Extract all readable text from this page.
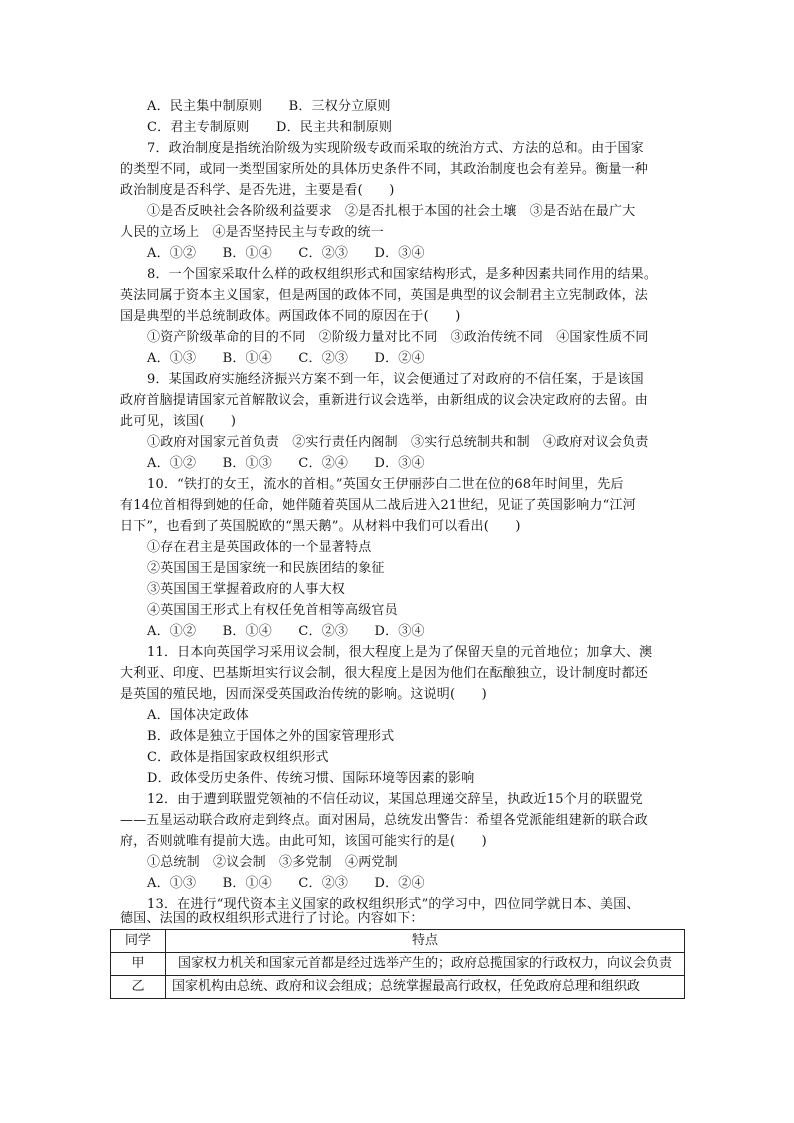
A．民主集中制原则　　B．三权分立原则
C．君主专制原则　　D．民主共和制原则
7．政治制度是指统治阶级为实现阶级专政而采取的统治方式、方法的总和。由于国家
的类型不同，或同一类型国家所处的具体历史条件不同，其政治制度也会有差异。衡量一种
政治制度是否科学、是否先进，主要是看(　　)
①是否反映社会各阶级利益要求　②是否扎根于本国的社会土壤　③是否站在最广大
人民的立场上　④是否坚持民主与专政的统一
A．①②　　B．①④　　C．②③　　D．③④
8．一个国家采取什么样的政权组织形式和国家结构形式，是多种因素共同作用的结果。
英法同属于资本主义国家，但是两国的政体不同，英国是典型的议会制君主立宪制政体，法
国是典型的半总统制政体。两国政体不同的原因在于(　　)
①资产阶级革命的目的不同　②阶级力量对比不同　③政治传统不同　④国家性质不同
A．①③　　B．①④　　C．②③　　D．②④
9．某国政府实施经济振兴方案不到一年，议会便通过了对政府的不信任案，于是该国
政府首脑提请国家元首解散议会，重新进行议会选举，由新组成的议会决定政府的去留。由
此可见，该国(　　)
①政府对国家元首负责　②实行责任内阁制　③实行总统制共和制　④政府对议会负责
A．①②　　B．①③　　C．②④　　D．③④
10．“铁打的女王，流水的首相。”英国女王伊丽莎白二世在位的68年时间里，先后
有14位首相得到她的任命，她伴随着英国从二战后进入21世纪，见证了英国影响力“江河
日下”，也看到了英国脱欧的“黑天鹅”。从材料中我们可以看出(　　)
①存在君主是英国政体的一个显著特点
②英国国王是国家统一和民族团结的象征
③英国国王掌握着政府的人事大权
④英国国王形式上有权任免首相等高级官员
A．①②　　B．①④　　C．②③　　D．③④
11．日本向英国学习采用议会制，很大程度上是为了保留天皇的元首地位；加拿大、澳
大利亚、印度、巴基斯坦实行议会制，很大程度上是因为他们在酝酿独立，设计制度时都还
是英国的殖民地，因而深受英国政治传统的影响。这说明(　　)
A．国体决定政体
B．政体是独立于国体之外的国家管理形式
C．政体是指国家政权组织形式
D．政体受历史条件、传统习惯、国际环境等因素的影响
12．由于遭到联盟党领袖的不信任动议，某国总理递交辞呈，执政近15个月的联盟党
——五星运动联合政府走到终点。面对困局，总统发出警告：希望各党派能组建新的联合政
府，否则就唯有提前大选。由此可知，该国可能实行的是(　　)
①总统制　②议会制　③多党制　④两党制
A．①③　　B．①④　　C．②③　　D．②④
13．在进行“现代资本主义国家的政权组织形式”的学习中，四位同学就日本、美国、
德国、法国的政权组织形式进行了讨论。内容如下：
同学	特点
甲	国家权力机关和国家元首都是经过选举产生的；政府总揽国家的行政权力，向议会负责
乙	国家机构由总统、政府和议会组成；总统掌握最高行政权，任免政府总理和组织政
